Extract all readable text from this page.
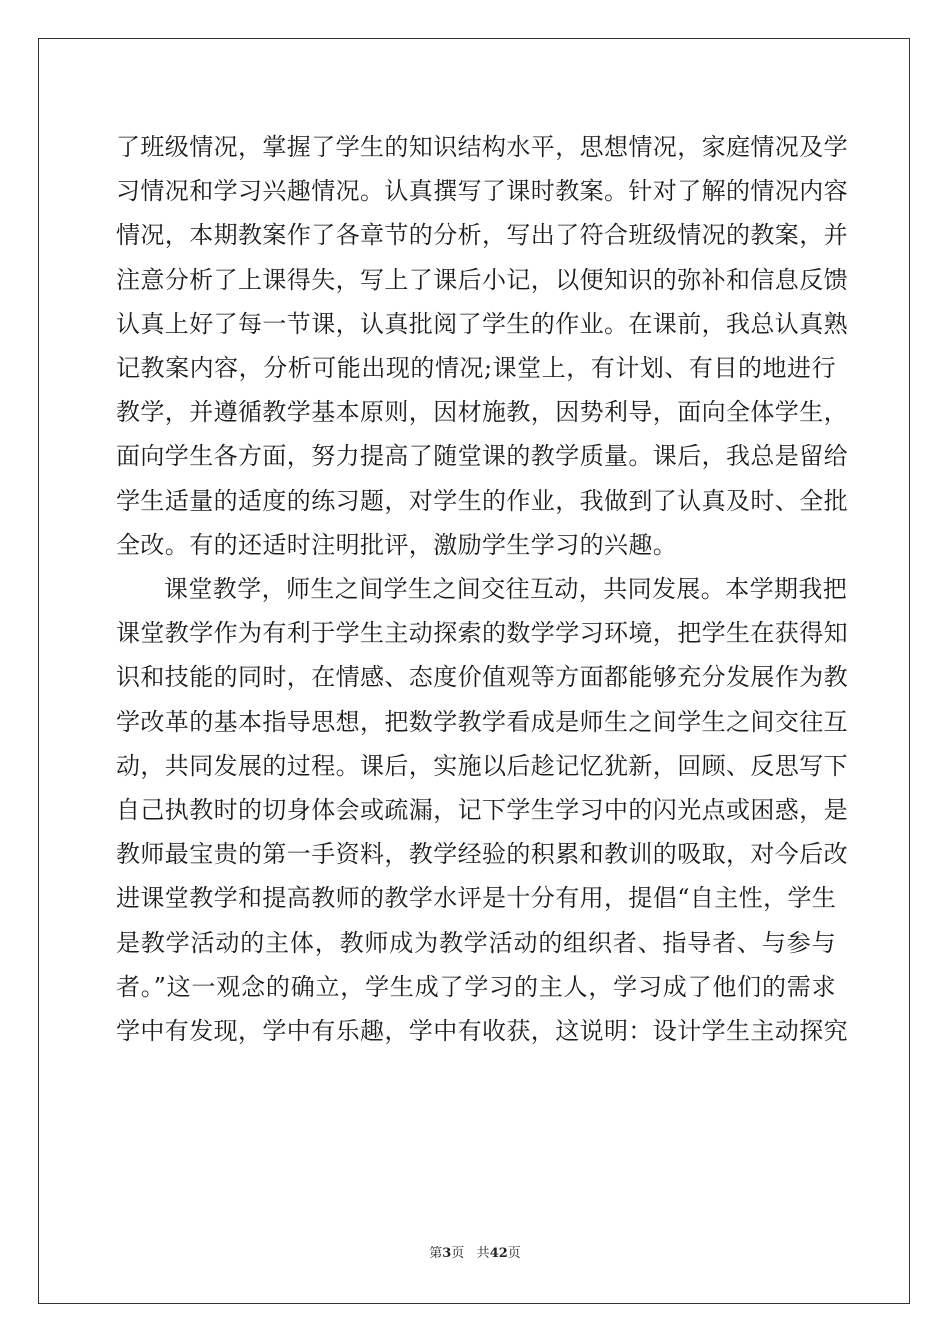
了班级情况，掌握了学生的知识结构水平，思想情况，家庭情况及学
习情况和学习兴趣情况。认真撰写了课时教案。针对了解的情况内容
情况，本期教案作了各章节的分析，写出了符合班级情况的教案，并
注意分析了上课得失，写上了课后小记，以便知识的弥补和信息反馈
认真上好了每一节课，认真批阅了学生的作业。在课前，我总认真熟
记教案内容，分析可能出现的情况;课堂上，有计划、有目的地进行
教学，并遵循教学基本原则，因材施教，因势利导，面向全体学生，
面向学生各方面，努力提高了随堂课的教学质量。课后，我总是留给
学生适量的适度的练习题，对学生的作业，我做到了认真及时、全批
全改。有的还适时注明批评，激励学生学习的兴趣。
课堂教学，师生之间学生之间交往互动，共同发展。本学期我把
课堂教学作为有利于学生主动探索的数学学习环境，把学生在获得知
识和技能的同时，在情感、态度价值观等方面都能够充分发展作为教
学改革的基本指导思想，把数学教学看成是师生之间学生之间交往互
动，共同发展的过程。课后，实施以后趁记忆犹新，回顾、反思写下
自己执教时的切身体会或疏漏，记下学生学习中的闪光点或困惑，是
教师最宝贵的第一手资料，教学经验的积累和教训的吸取，对今后改
进课堂教学和提高教师的教学水评是十分有用，提倡“自主性，学生
是教学活动的主体，教师成为教学活动的组织者、指导者、与参与
者。”这一观念的确立，学生成了学习的主人，学习成了他们的需求
学中有发现，学中有乐趣，学中有收获，这说明：设计学生主动探究
第3页 共42页
